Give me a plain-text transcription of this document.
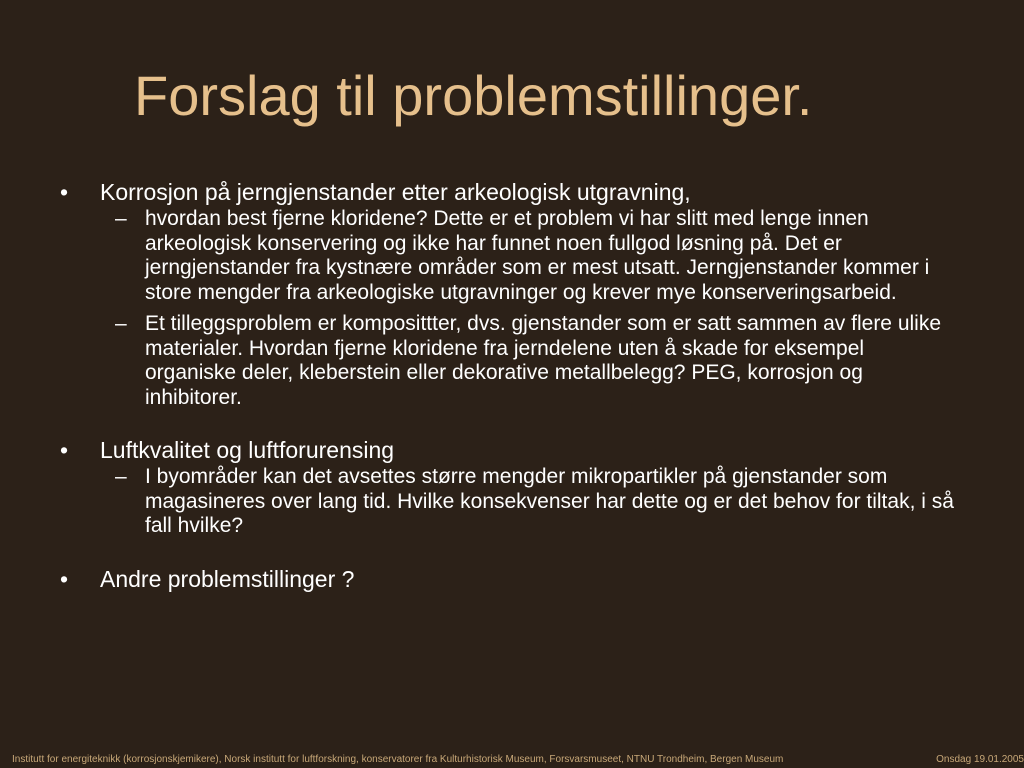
Forslag til problemstillinger.
• Korrosjon på jerngjenstander etter arkeologisk utgravning,
– hvordan best fjerne kloridene? Dette er et problem vi har slitt med lenge innen arkeologisk konservering og ikke har funnet noen fullgod løsning på. Det er jerngjenstander fra kystnære områder som er mest utsatt. Jerngjenstander kommer i store mengder fra arkeologiske utgravninger og krever mye konserveringsarbeid.
– Et tilleggsproblem er komposittter, dvs. gjenstander som er satt sammen av flere ulike materialer. Hvordan fjerne kloridene fra jerndelene uten å skade for eksempel organiske deler, kleberstein eller dekorative metallbelegg? PEG, korrosjon og inhibitorer.
• Luftkvalitet og luftforurensing
– I byområder kan det avsettes større mengder mikropartikler på gjenstander som magasineres over lang tid. Hvilke konsekvenser har dette og er det behov for tiltak, i så fall hvilke?
• Andre problemstillinger ?
Institutt for energiteknikk (korrosjonskjemikere), Norsk institutt for luftforskning, konservatorer fra Kulturhistorisk Museum, Forsvarsmuseet, NTNU Trondheim, Bergen Museum	Onsdag 19.01.2005
